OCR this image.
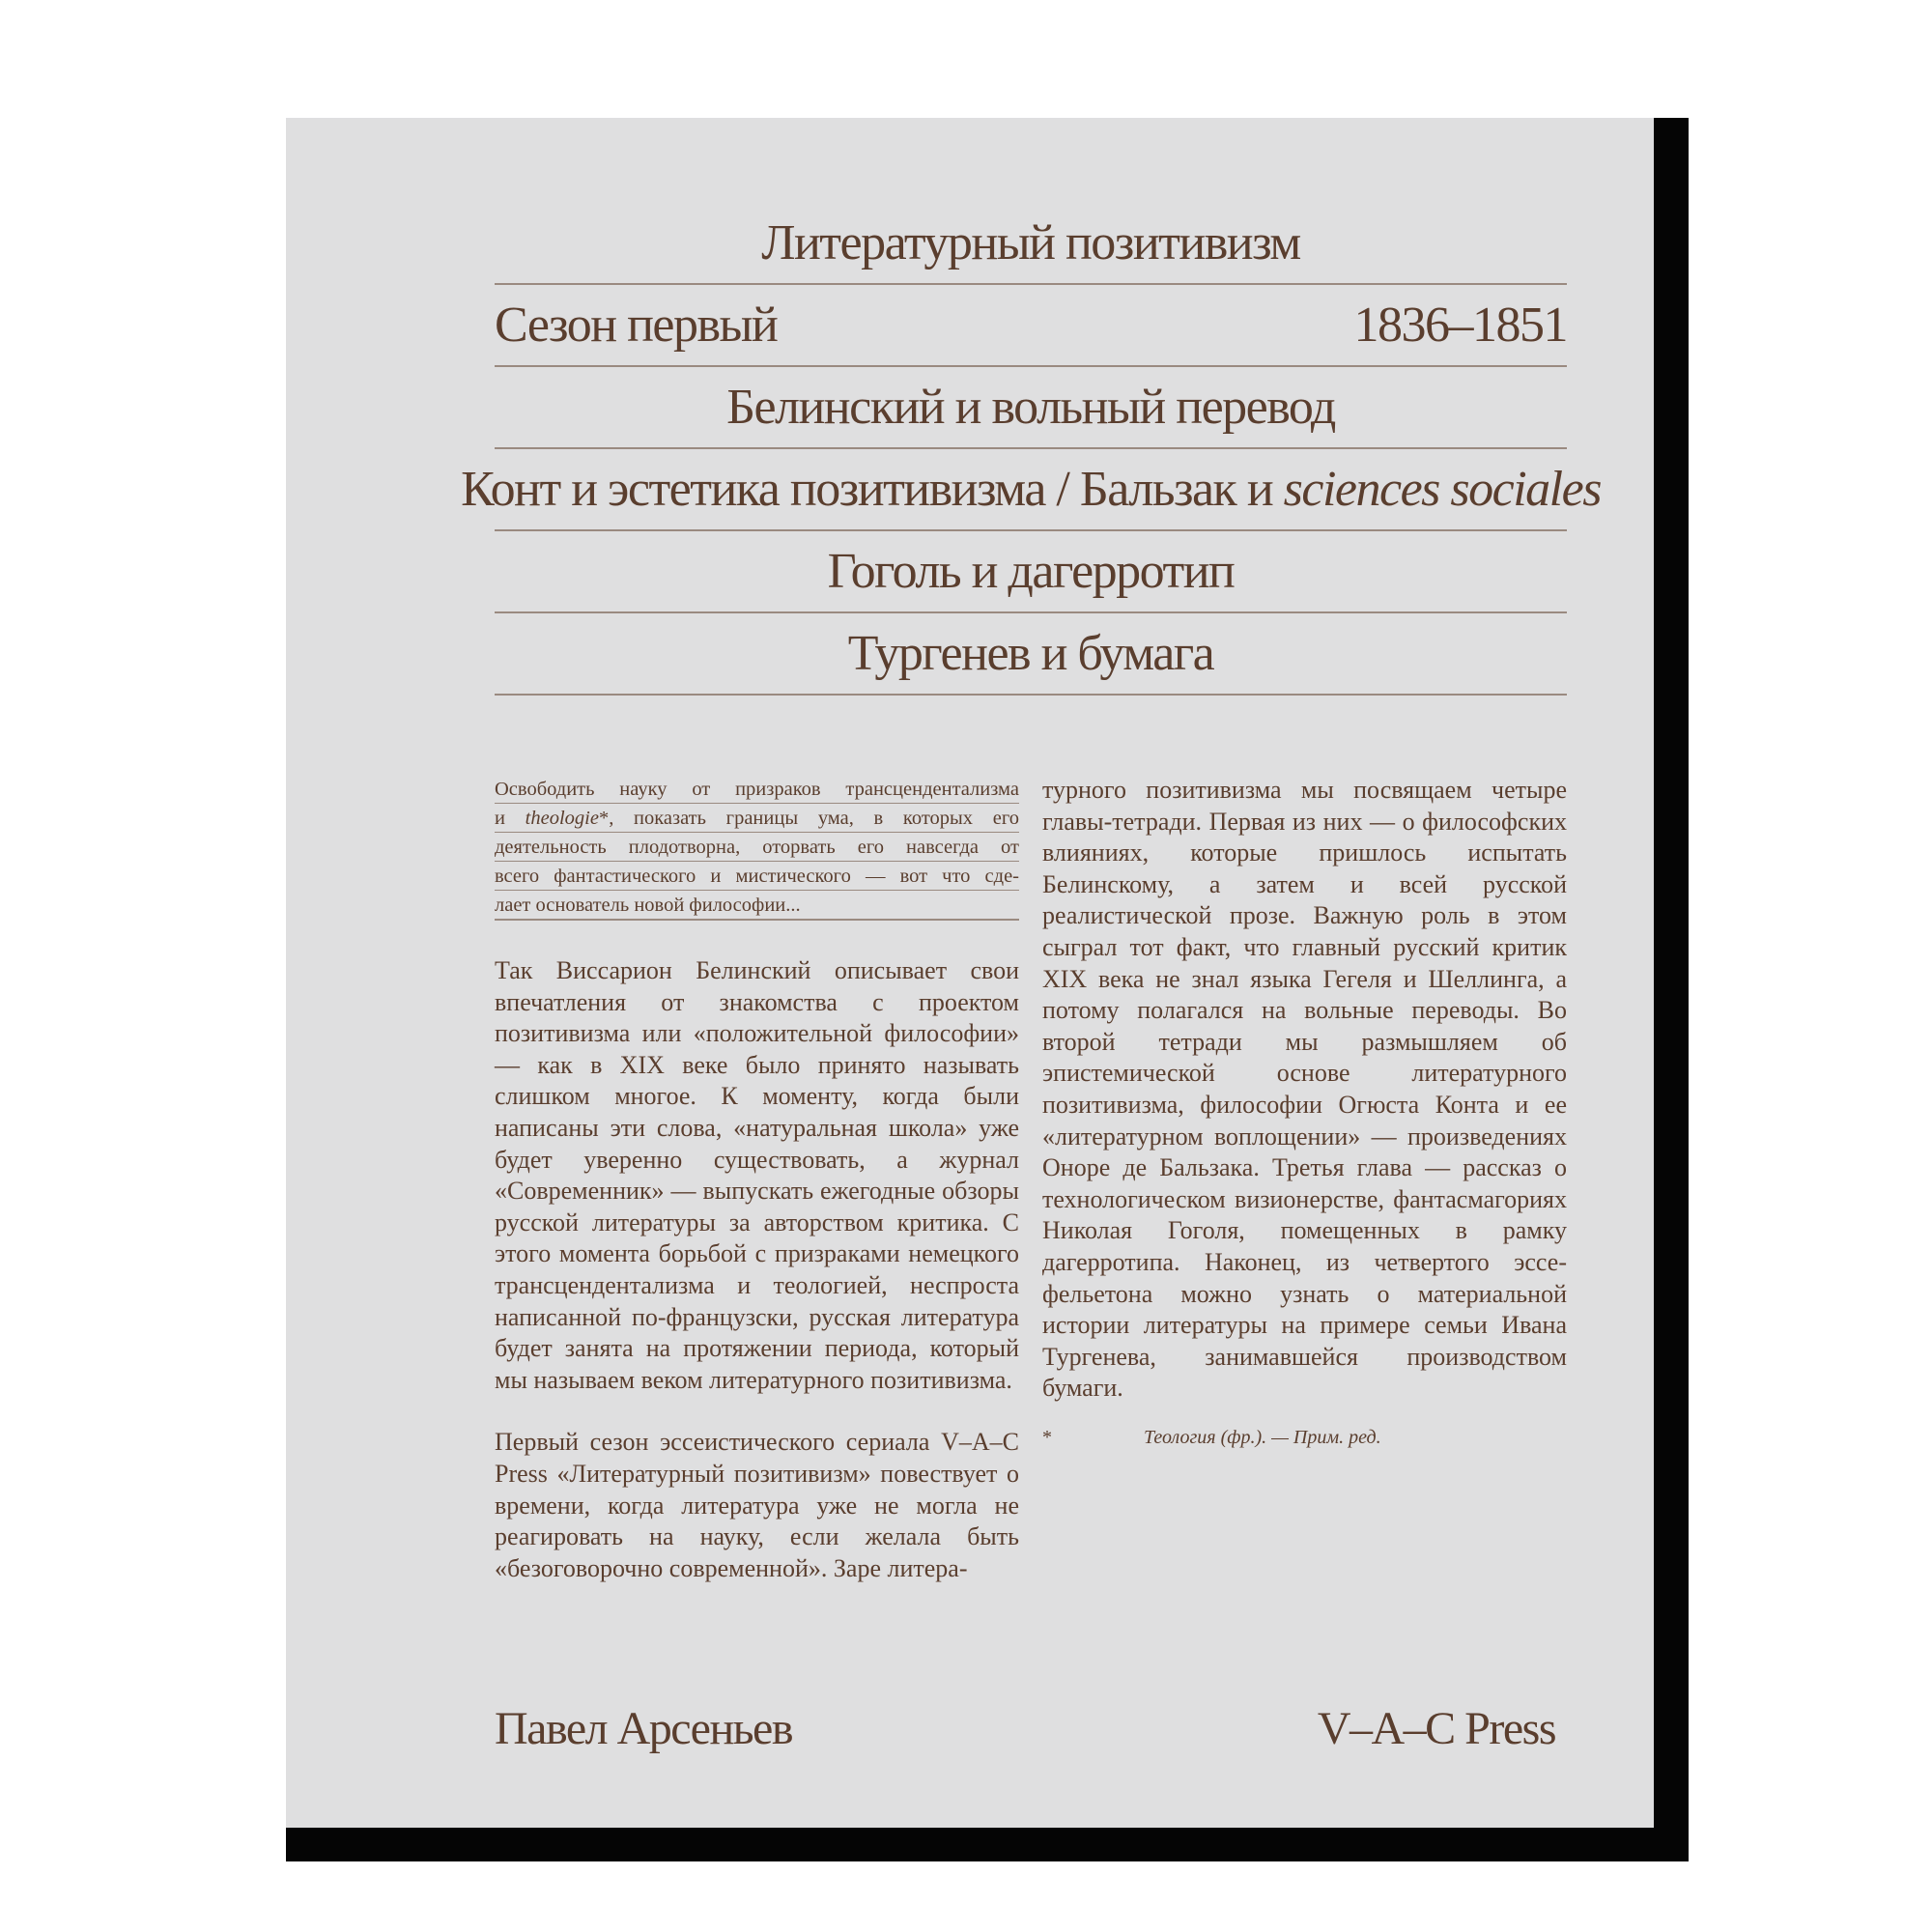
Литературный позитивизм
Сезон первый	1836–1851
Белинский и вольный перевод
Конт и эстетика позитивизма / Бальзак и sciences sociales
Гоголь и дагерротип
Тургенев и бумага
Освободить науку от призраков трансцендентализма
и theologie*, показать границы ума, в которых его
деятельность плодотворна, оторвать его навсегда от
всего фантастического и мистического — вот что сде-
лает основатель новой философии...

Так Виссарион Белинский описывает свои впечатления от знакомства с проектом позитивизма или «положительной философии» — как в XIX веке было принято называть слишком многое. К моменту, когда были написаны эти слова, «натуральная школа» уже будет уверенно существовать, а журнал «Современник» — выпускать ежегодные обзоры русской литературы за авторством критика. С этого момента борьбой с призраками немецкого трансцендентализма и теологией, неспроста написанной по-французски, русская литература будет занята на протяжении периода, который мы называем веком литературного позитивизма.

Первый сезон эссеистического сериала V–A–C Press «Литературный позитивизм» повествует о времени, когда литература уже не могла не реагировать на науку, если желала быть «безоговорочно современной». Заре литера-

турного позитивизма мы посвящаем четыре главы-тетради. Первая из них — о философских влияниях, которые пришлось испытать Белинскому, а затем и всей русской реалистической прозе. Важную роль в этом сыграл тот факт, что главный русский критик XIX века не знал языка Гегеля и Шеллинга, а потому полагался на вольные переводы. Во второй тетради мы размышляем об эпистемической основе литературного позитивизма, философии Огюста Конта и ее «литературном воплощении» — произведениях Оноре де Бальзака. Третья глава — рассказ о технологическом визионерстве, фантасмагориях Николая Гоголя, помещенных в рамку дагерротипа. Наконец, из четвертого эссе-фельетона можно узнать о материальной истории литературы на примере семьи Ивана Тургенева, занимавшейся производством бумаги.

*	Теология (фр.). — Прим. ред.

Павел Арсеньев	V–A–C Press
